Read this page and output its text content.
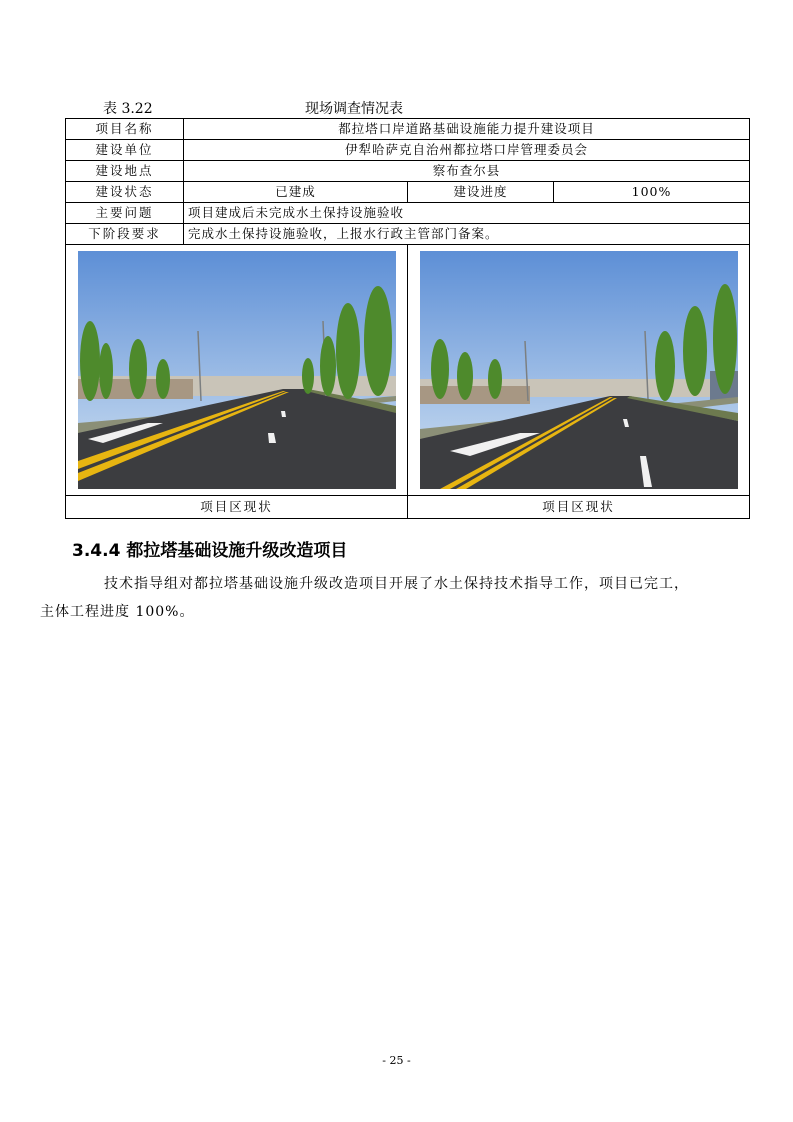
表 3.22	现场调查情况表
项目名称	都拉塔口岸道路基础设施能力提升建设项目		
建设单位	伊犁哈萨克自治州都拉塔口岸管理委员会		
建设地点	察布查尔县		
建设状态	已建成	建设进度	100%
主要问题	项目建成后未完成水土保持设施验收		
下阶段要求	完成水土保持设施验收，上报水行政主管部门备案。		

项目区现状		项目区现状	
3.4.4 都拉塔基础设施升级改造项目

技术指导组对都拉塔基础设施升级改造项目开展了水土保持技术指导工作，项目已完工，
主体工程进度 100%。

- 25 -
